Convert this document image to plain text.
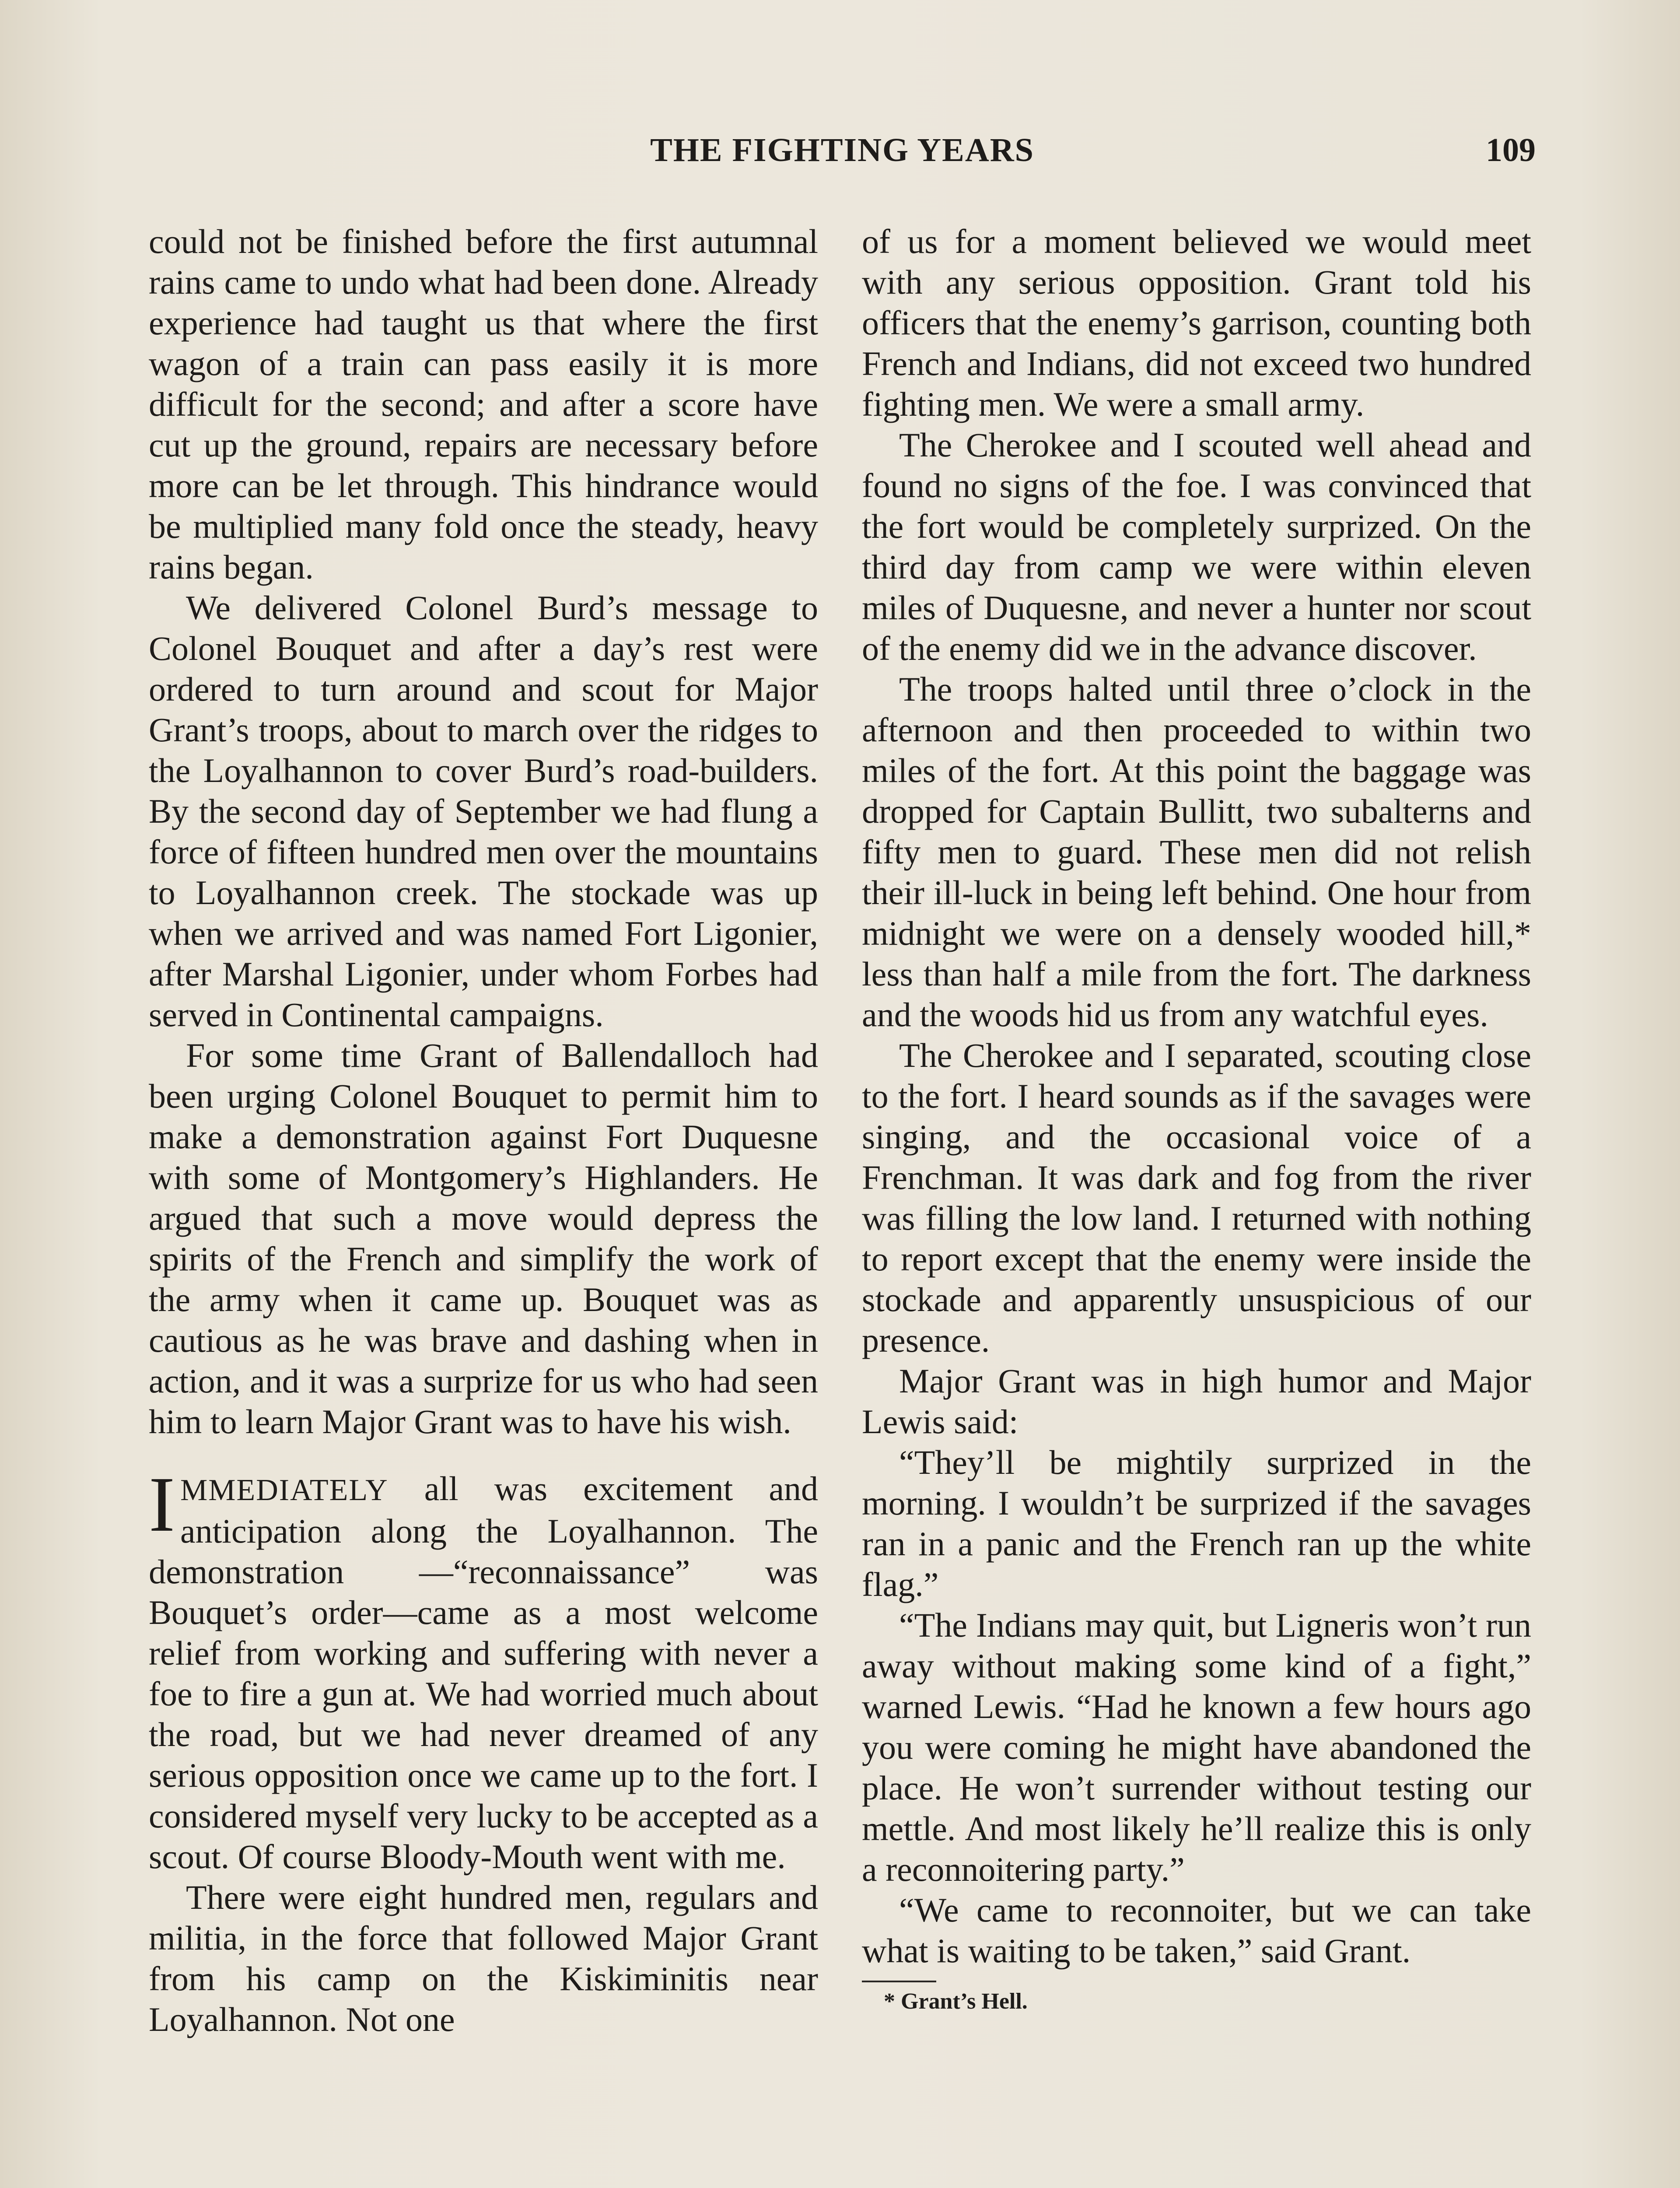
THE FIGHTING YEARS	109

could not be finished before the first autumnal rains came to undo what had been done. Already experience had taught us that where the first wagon of a train can pass easily it is more difficult for the second; and after a score have cut up the ground, repairs are necessary before more can be let through. This hindrance would be multiplied many fold once the steady, heavy rains began.

We delivered Colonel Burd’s message to Colonel Bouquet and after a day’s rest were ordered to turn around and scout for Major Grant’s troops, about to march over the ridges to the Loyalhannon to cover Burd’s road-builders. By the second day of September we had flung a force of fifteen hundred men over the mountains to Loyalhannon creek. The stockade was up when we arrived and was named Fort Ligonier, after Marshal Ligonier, under whom Forbes had served in Continental campaigns.

For some time Grant of Ballendalloch had been urging Colonel Bouquet to permit him to make a demonstration against Fort Duquesne with some of Montgomery’s Highlanders. He argued that such a move would depress the spirits of the French and simplify the work of the army when it came up. Bouquet was as cautious as he was brave and dashing when in action, and it was a surprize for us who had seen him to learn Major Grant was to have his wish.

IMMEDIATELY all was excitement and anticipation along the Loyalhannon. The demonstration —“reconnaissance” was Bouquet’s order—came as a most welcome relief from working and suffering with never a foe to fire a gun at. We had worried much about the road, but we had never dreamed of any serious opposition once we came up to the fort. I considered myself very lucky to be accepted as a scout. Of course Bloody-Mouth went with me.

There were eight hundred men, regulars and militia, in the force that followed Major Grant from his camp on the Kiskiminitis near Loyalhannon. Not one

of us for a moment believed we would meet with any serious opposition. Grant told his officers that the enemy’s garrison, counting both French and Indians, did not exceed two hundred fighting men. We were a small army.

The Cherokee and I scouted well ahead and found no signs of the foe. I was convinced that the fort would be completely surprized. On the third day from camp we were within eleven miles of Duquesne, and never a hunter nor scout of the enemy did we in the advance discover.

The troops halted until three o’clock in the afternoon and then proceeded to within two miles of the fort. At this point the baggage was dropped for Captain Bullitt, two subalterns and fifty men to guard. These men did not relish their ill-luck in being left behind. One hour from midnight we were on a densely wooded hill,* less than half a mile from the fort. The darkness and the woods hid us from any watchful eyes.

The Cherokee and I separated, scouting close to the fort. I heard sounds as if the savages were singing, and the occasional voice of a Frenchman. It was dark and fog from the river was filling the low land. I returned with nothing to report except that the enemy were inside the stockade and apparently unsuspicious of our presence.

Major Grant was in high humor and Major Lewis said:

“They’ll be mightily surprized in the morning. I wouldn’t be surprized if the savages ran in a panic and the French ran up the white flag.”

“The Indians may quit, but Ligneris won’t run away without making some kind of a fight,” warned Lewis. “Had he known a few hours ago you were coming he might have abandoned the place. He won’t surrender without testing our mettle. And most likely he’ll realize this is only a reconnoitering party.”

“We came to reconnoiter, but we can take what is waiting to be taken,” said Grant.

* Grant’s Hell.
